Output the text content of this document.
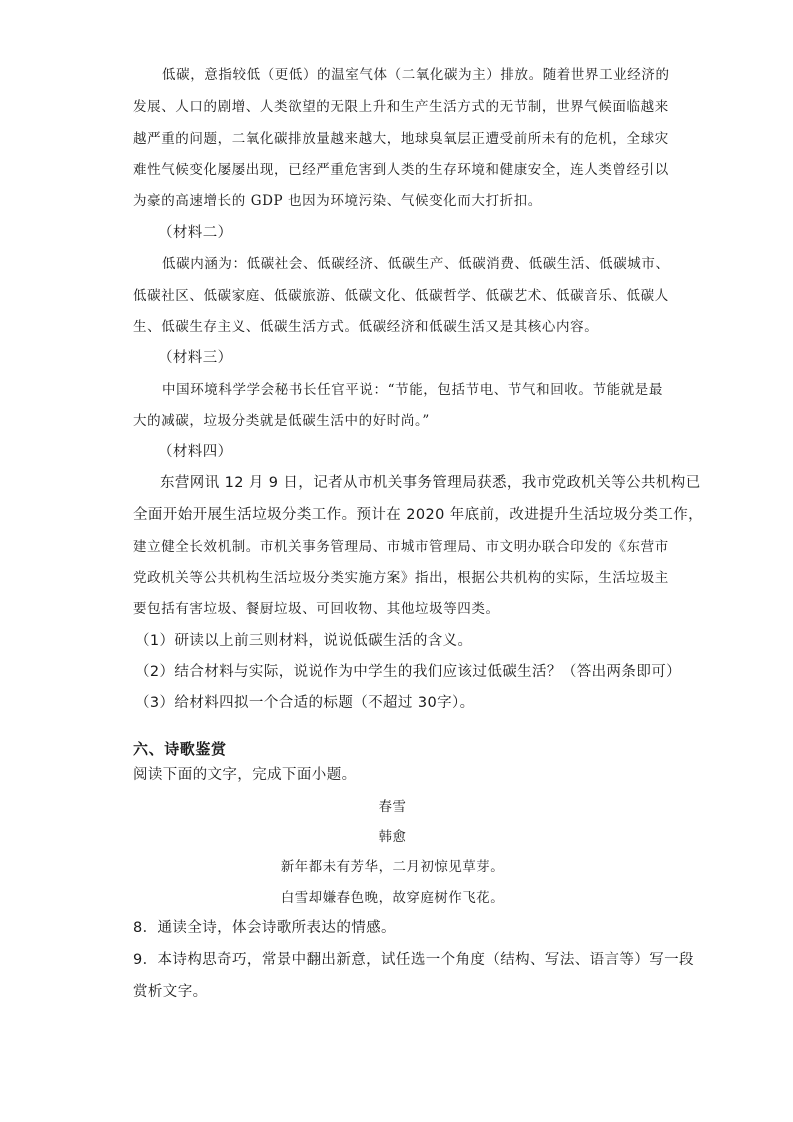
低碳，意指较低（更低）的温室气体（二氧化碳为主）排放。随着世界工业经济的
发展、人口的剧增、人类欲望的无限上升和生产生活方式的无节制，世界气候面临越来
越严重的问题，二氧化碳排放量越来越大，地球臭氧层正遭受前所未有的危机，全球灾
难性气候变化屡屡出现，已经严重危害到人类的生存环境和健康安全，连人类曾经引以
为豪的高速增长的 GDP 也因为环境污染、气候变化而大打折扣。
（材料二）
低碳内涵为：低碳社会、低碳经济、低碳生产、低碳消费、低碳生活、低碳城市、
低碳社区、低碳家庭、低碳旅游、低碳文化、低碳哲学、低碳艺术、低碳音乐、低碳人
生、低碳生存主义、低碳生活方式。低碳经济和低碳生活又是其核心内容。
（材料三）
中国环境科学学会秘书长任官平说：“节能，包括节电、节气和回收。节能就是最
大的减碳，垃圾分类就是低碳生活中的好时尚。”
（材料四）
东营网讯 12 月 9 日，记者从市机关事务管理局获悉，我市党政机关等公共机构已
全面开始开展生活垃圾分类工作。预计在 2020 年底前，改进提升生活垃圾分类工作，
建立健全长效机制。市机关事务管理局、市城市管理局、市文明办联合印发的《东营市
党政机关等公共机构生活垃圾分类实施方案》指出，根据公共机构的实际，生活垃圾主
要包括有害垃圾、餐厨垃圾、可回收物、其他垃圾等四类。
（1）研读以上前三则材料，说说低碳生活的含义。
（2）结合材料与实际，说说作为中学生的我们应该过低碳生活？（答出两条即可）
（3）给材料四拟一个合适的标题（不超过 30字）。
六、诗歌鉴赏
阅读下面的文字，完成下面小题。
春雪
韩愈
新年都未有芳华，二月初惊见草芽。
白雪却嫌春色晚，故穿庭树作飞花。
8．通读全诗，体会诗歌所表达的情感。
9．本诗构思奇巧，常景中翻出新意，试任选一个角度（结构、写法、语言等）写一段
赏析文字。
